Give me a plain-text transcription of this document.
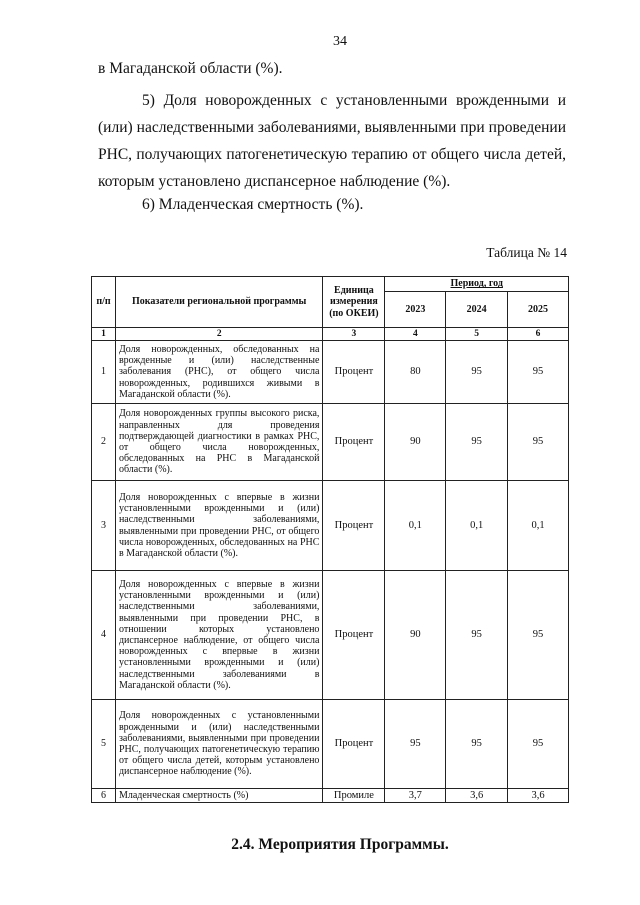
34

в Магаданской области (%).

5) Доля новорожденных с установленными врожденными и (или) наследственными заболеваниями, выявленными при проведении РНС, получающих патогенетическую терапию от общего числа детей, которым установлено диспансерное наблюдение (%).

6) Младенческая смертность (%).

Таблица № 14
п/п	Показатели региональной программы	Единица измерения (по ОКЕИ)	Период, год		
			2023	2024	2025
1	2	3	4	5	6
1	Доля новорожденных, обследованных на врожденные и (или) наследственные заболевания (РНС), от общего числа новорожденных, родившихся живыми в Магаданской области (%).	Процент	80	95	95
2	Доля новорожденных группы высокого риска, направленных для проведения подтверждающей диагностики в рамках РНС, от общего числа новорожденных, обследованных на РНС в Магаданской области (%).	Процент	90	95	95
3	Доля новорожденных с впервые в жизни установленными врожденными и (или) наследственными заболеваниями, выявленными при проведении РНС, от общего числа новорожденных, обследованных на РНС в Магаданской области (%).	Процент	0,1	0,1	0,1
4	Доля новорожденных с впервые в жизни установленными врожденными и (или) наследственными заболеваниями, выявленными при проведении РНС, в отношении которых установлено диспансерное наблюдение, от общего числа новорожденных с впервые в жизни установленными врожденными и (или) наследственными заболеваниями в Магаданской области (%).	Процент	90	95	95
5	Доля новорожденных с установленными врожденными и (или) наследственными заболеваниями, выявленными при проведении РНС, получающих патогенетическую терапию от общего числа детей, которым установлено диспансерное наблюдение (%).	Процент	95	95	95
6	Младенческая смертность (%)	Промиле	3,7	3,6	3,6
2.4. Мероприятия Программы.
